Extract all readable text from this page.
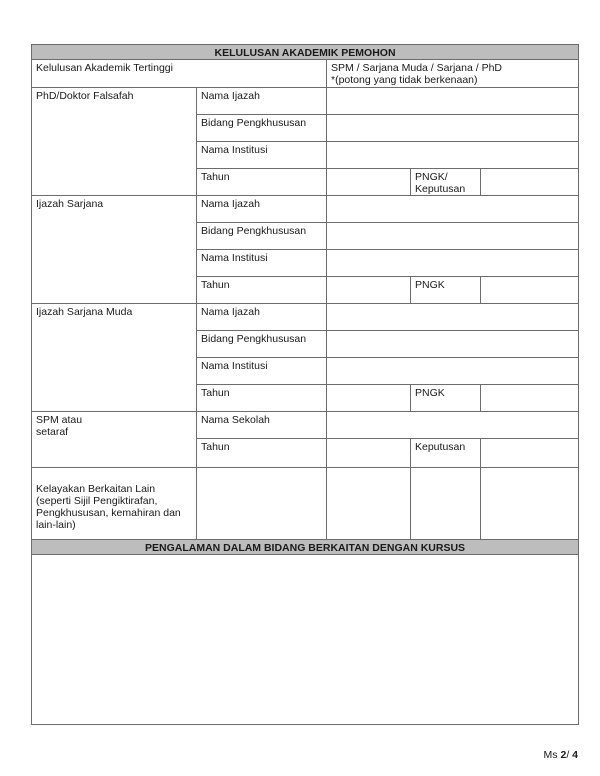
KELULUSAN AKADEMIK PEMOHON				
Kelulusan Akademik Tertinggi		SPM / Sarjana Muda / Sarjana / PhD
*(potong yang tidak berkenaan)		

PhD/Doktor Falsafah	Nama Ijazah			
	Bidang Pengkhususan			
	Nama Institusi			
	Tahun		PNGK/ Keputusan	
Ijazah Sarjana	Nama Ijazah			
	Bidang Pengkhususan			
	Nama Institusi			
	Tahun		PNGK	
Ijazah Sarjana Muda	Nama Ijazah			
	Bidang Pengkhususan			
	Nama Institusi			
	Tahun		PNGK	

SPM atau
setaraf	Nama Sekolah			
	Tahun		Keputusan	
Kelayakan Berkaitan Lain (seperti Sijil Pengiktirafan, Pengkhususan, kemahiran dan lain-lain)				
PENGALAMAN DALAM BIDANG BERKAITAN DENGAN KURSUS				

Ms 2/ 4
